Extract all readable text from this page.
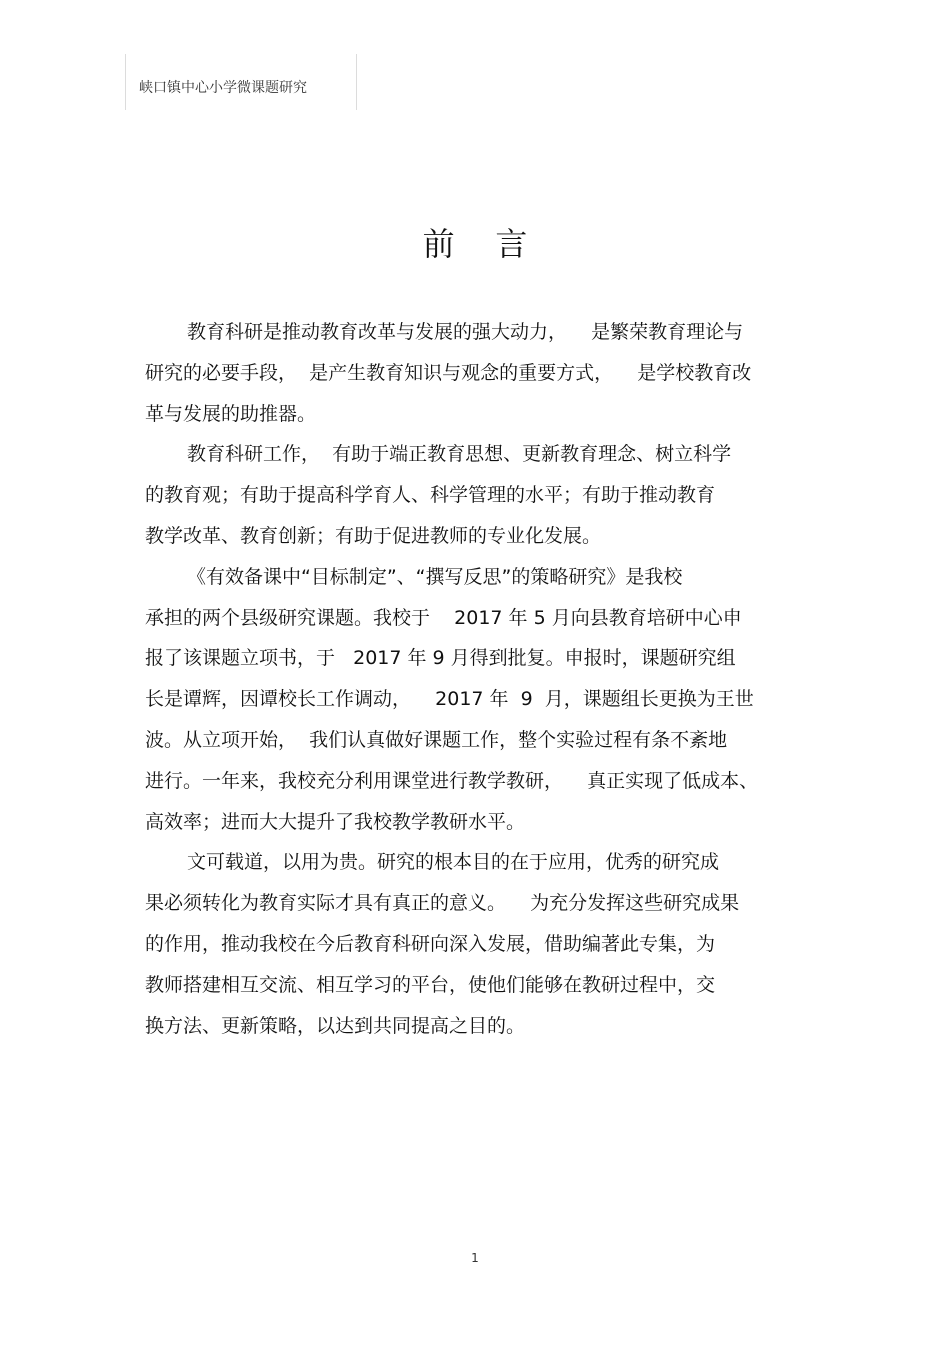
峡口镇中心小学微课题研究
前    言
教育科研是推动教育改革与发展的强大动力，    是繁荣教育理论与
研究的必要手段，  是产生教育知识与观念的重要方式，    是学校教育改
革与发展的助推器。
教育科研工作，  有助于端正教育思想、更新教育理念、树立科学
的教育观；有助于提高科学育人、科学管理的水平；有助于推动教育
教学改革、教育创新；有助于促进教师的专业化发展。
《有效备课中“目标制定”、“撰写反思”的策略研究》是我校
承担的两个县级研究课题。我校于    2017 年 5 月向县教育培研中心申
报了该课题立项书，于   2017 年 9 月得到批复。申报时，课题研究组
长是谭辉，因谭校长工作调动，    2017 年  9  月，课题组长更换为王世
波。从立项开始，  我们认真做好课题工作，整个实验过程有条不紊地
进行。一年来，我校充分利用课堂进行教学教研，    真正实现了低成本、
高效率；进而大大提升了我校教学教研水平。
文可载道，以用为贵。研究的根本目的在于应用，优秀的研究成
果必须转化为教育实际才具有真正的意义。    为充分发挥这些研究成果
的作用，推动我校在今后教育科研向深入发展，借助编著此专集，为
教师搭建相互交流、相互学习的平台，使他们能够在教研过程中，交
换方法、更新策略，以达到共同提高之目的。
1
